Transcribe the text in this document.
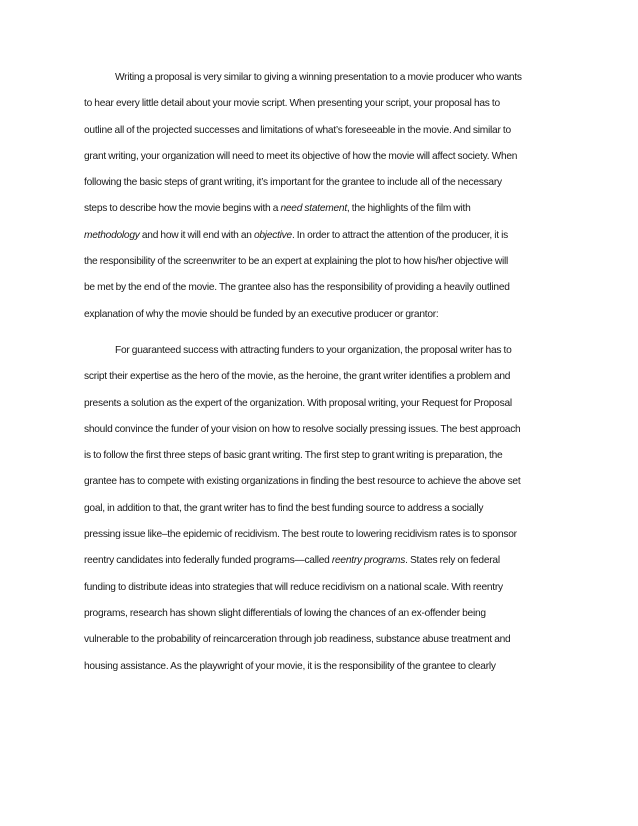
Writing a proposal is very similar to giving a winning presentation to a movie producer who wants
to hear every little detail about your movie script. When presenting your script, your proposal has to
outline all of the projected successes and limitations of what’s foreseeable in the movie. And similar to
grant writing, your organization will need to meet its objective of how the movie will affect society. When
following the basic steps of grant writing, it’s important for the grantee to include all of the necessary
steps to describe how the movie begins with a need statement, the highlights of the film with
methodology and how it will end with an objective. In order to attract the attention of the producer, it is
the responsibility of the screenwriter to be an expert at explaining the plot to how his/her objective will
be met by the end of the movie. The grantee also has the responsibility of providing a heavily outlined
explanation of why the movie should be funded by an executive producer or grantor:
For guaranteed success with attracting funders to your organization, the proposal writer has to
script their expertise as the hero of the movie, as the heroine, the grant writer identifies a problem and
presents a solution as the expert of the organization. With proposal writing, your Request for Proposal
should convince the funder of your vision on how to resolve socially pressing issues. The best approach
is to follow the first three steps of basic grant writing. The first step to grant writing is preparation, the
grantee has to compete with existing organizations in finding the best resource to achieve the above set
goal, in addition to that, the grant writer has to find the best funding source to address a socially
pressing issue like–the epidemic of recidivism. The best route to lowering recidivism rates is to sponsor
reentry candidates into federally funded programs—called reentry programs. States rely on federal
funding to distribute ideas into strategies that will reduce recidivism on a national scale. With reentry
programs, research has shown slight differentials of lowing the chances of an ex-offender being
vulnerable to the probability of reincarceration through job readiness, substance abuse treatment and
housing assistance. As the playwright of your movie, it is the responsibility of the grantee to clearly
